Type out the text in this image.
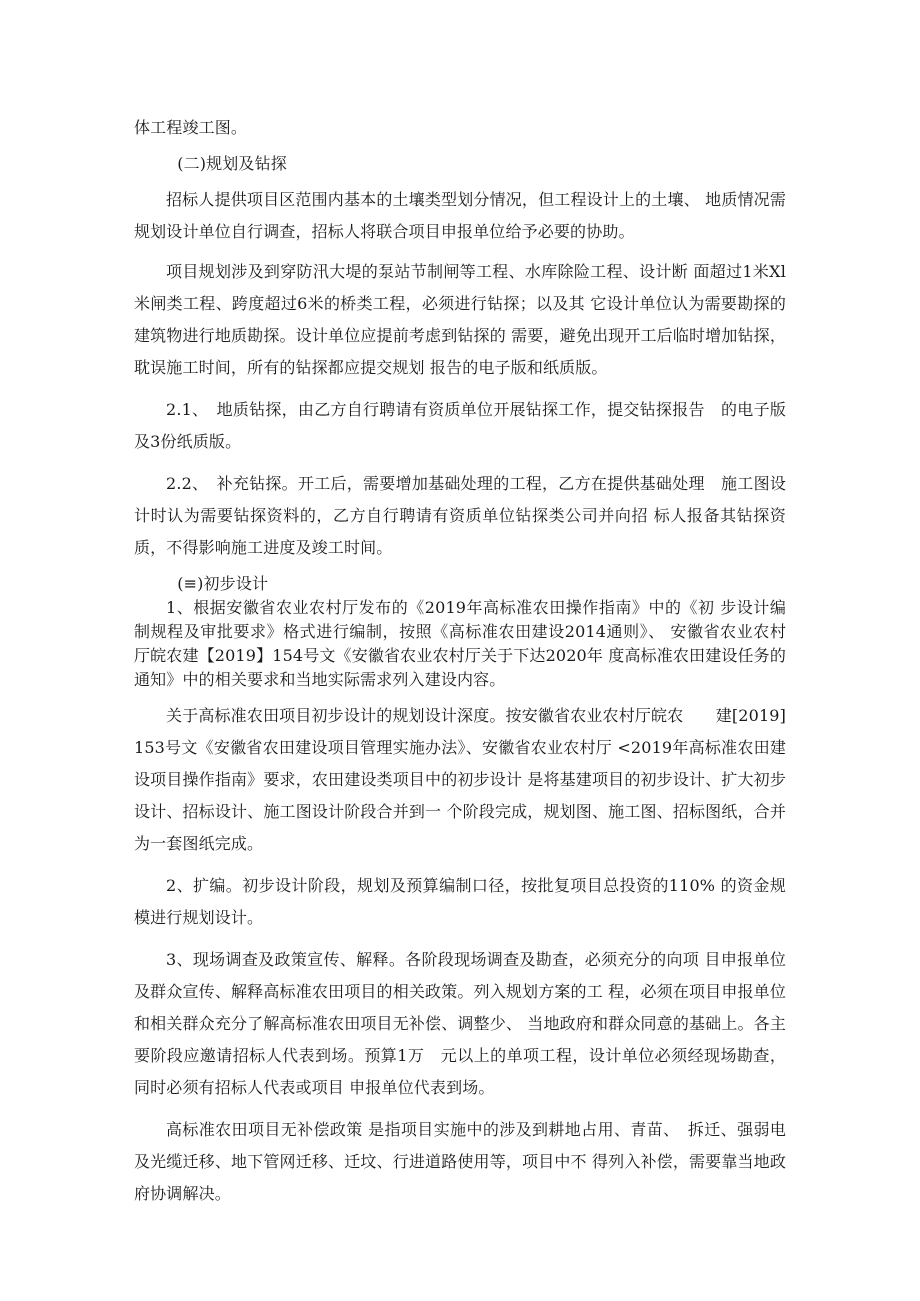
体工程竣工图。

(二)规划及钻探

招标人提供项目区范围内基本的土壤类型划分情况，但工程设计上的土壤、 地质情况需规划设计单位自行调查，招标人将联合项目申报单位给予必要的协助。

项目规划涉及到穿防汛大堤的泵站节制闸等工程、水库除险工程、设计断 面超过1米Xl米闸类工程、跨度超过6米的桥类工程，必须进行钻探；以及其 它设计单位认为需要勘探的建筑物进行地质勘探。设计单位应提前考虑到钻探的 需要，避免出现开工后临时增加钻探，耽误施工时间，所有的钻探都应提交规划 报告的电子版和纸质版。

2.1、　地质钻探，由乙方自行聘请有资质单位开展钻探工作，提交钻探报告　的电子版及3份纸质版。

2.2、　补充钻探。开工后，需要增加基础处理的工程，乙方在提供基础处理　施工图设计时认为需要钻探资料的，乙方自行聘请有资质单位钻探类公司并向招 标人报备其钻探资质，不得影响施工进度及竣工时间。

(≡)初步设计

1、根据安徽省农业农村厅发布的《2019年高标准农田操作指南》中的《初 步设计编制规程及审批要求》格式进行编制，按照《高标准农田建设2014通则》、 安徽省农业农村厅皖农建【2019】154号文《安徽省农业农村厅关于下达2020年 度高标准农田建设任务的通知》中的相关要求和当地实际需求列入建设内容。

关于高标准农田项目初步设计的规划设计深度。按安徽省农业农村厅皖农　　建[2019] 153号文《安徽省农田建设项目管理实施办法》、安徽省农业农村厅 <2019年高标准农田建设项目操作指南》要求，农田建设类项目中的初步设计 是将基建项目的初步设计、扩大初步设计、招标设计、施工图设计阶段合并到一 个阶段完成，规划图、施工图、招标图纸，合并为一套图纸完成。

2、扩编。初步设计阶段，规划及预算编制口径，按批复项目总投资的110% 的资金规模进行规划设计。

3、现场调查及政策宣传、解释。各阶段现场调查及勘查，必须充分的向项 目申报单位及群众宣传、解释高标准农田项目的相关政策。列入规划方案的工 程，必须在项目申报单位和相关群众充分了解高标准农田项目无补偿、调整少、 当地政府和群众同意的基础上。各主要阶段应邀请招标人代表到场。预算1万　元以上的单项工程，设计单位必须经现场勘查，同时必须有招标人代表或项目 申报单位代表到场。

高标准农田项目无补偿政策 是指项目实施中的涉及到耕地占用、青苗、　拆迁、强弱电及光缆迁移、地下管网迁移、迁坟、行进道路使用等，项目中不 得列入补偿，需要靠当地政府协调解决。
